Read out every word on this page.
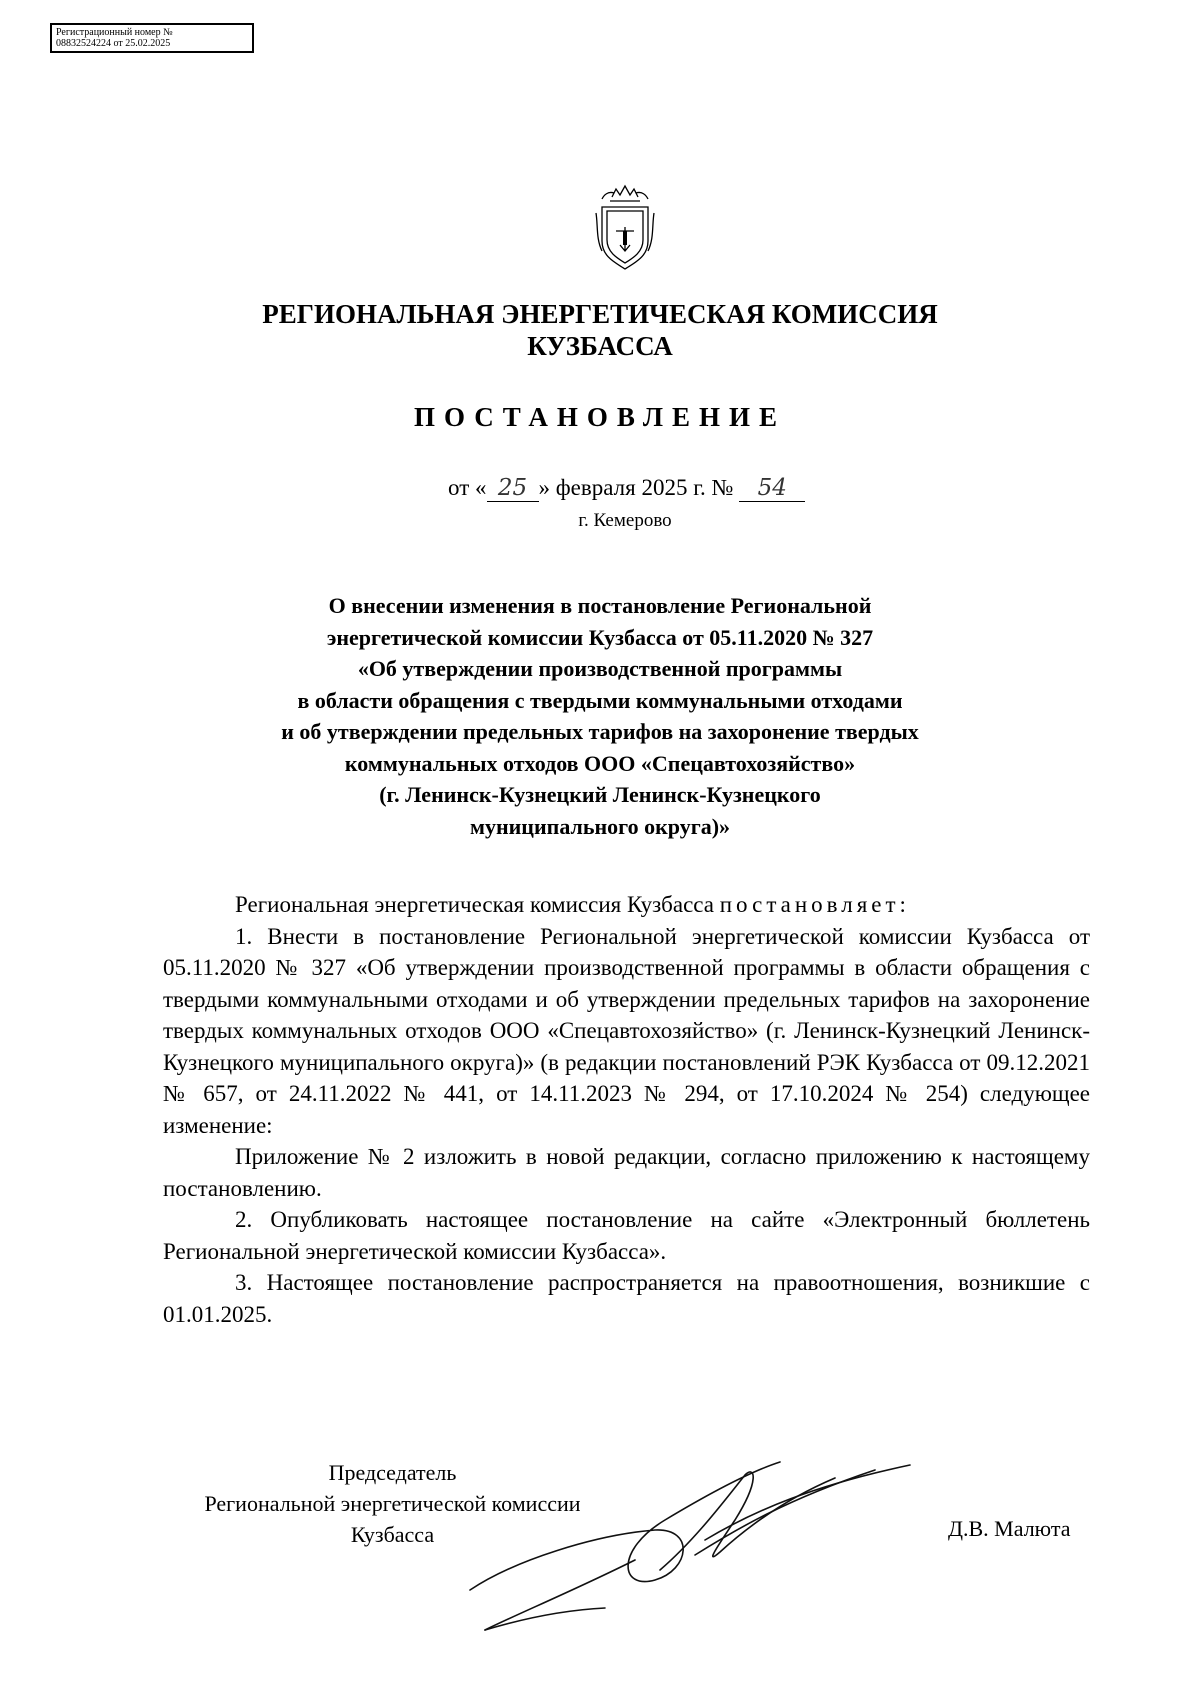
Регистрационный номер №
08832524224 от 25.02.2025
РЕГИОНАЛЬНАЯ ЭНЕРГЕТИЧЕСКАЯ КОМИССИЯ
КУЗБАССА
ПОСТАНОВЛЕНИЕ
от « 25 » февраля 2025 г. № 54
г. Кемерово
О внесении изменения в постановление Региональной
энергетической комиссии Кузбасса от 05.11.2020 № 327
«Об утверждении производственной программы
в области обращения с твердыми коммунальными отходами
и об утверждении предельных тарифов на захоронение твердых
коммунальных отходов ООО «Спецавтохозяйство»
(г. Ленинск-Кузнецкий Ленинск-Кузнецкого
муниципального округа)»

Региональная энергетическая комиссия Кузбасса постановляет:

1. Внести в постановление Региональной энергетической комиссии Кузбасса от 05.11.2020 № 327 «Об утверждении производственной программы в области обращения с твердыми коммунальными отходами и об утверждении предельных тарифов на захоронение твердых коммунальных отходов ООО «Спецавтохозяйство» (г. Ленинск-Кузнецкий Ленинск-Кузнецкого муниципального округа)» (в редакции постановлений РЭК Кузбасса от 09.12.2021 № 657, от 24.11.2022 № 441, от 14.11.2023 № 294, от 17.10.2024 № 254) следующее изменение:

Приложение № 2 изложить в новой редакции, согласно приложению к настоящему постановлению.

2. Опубликовать настоящее постановление на сайте «Электронный бюллетень Региональной энергетической комиссии Кузбасса».

3. Настоящее постановление распространяется на правоотношения, возникшие с 01.01.2025.

Председатель
Региональной энергетической комиссии
Кузбасса	Д.В. Малюта
